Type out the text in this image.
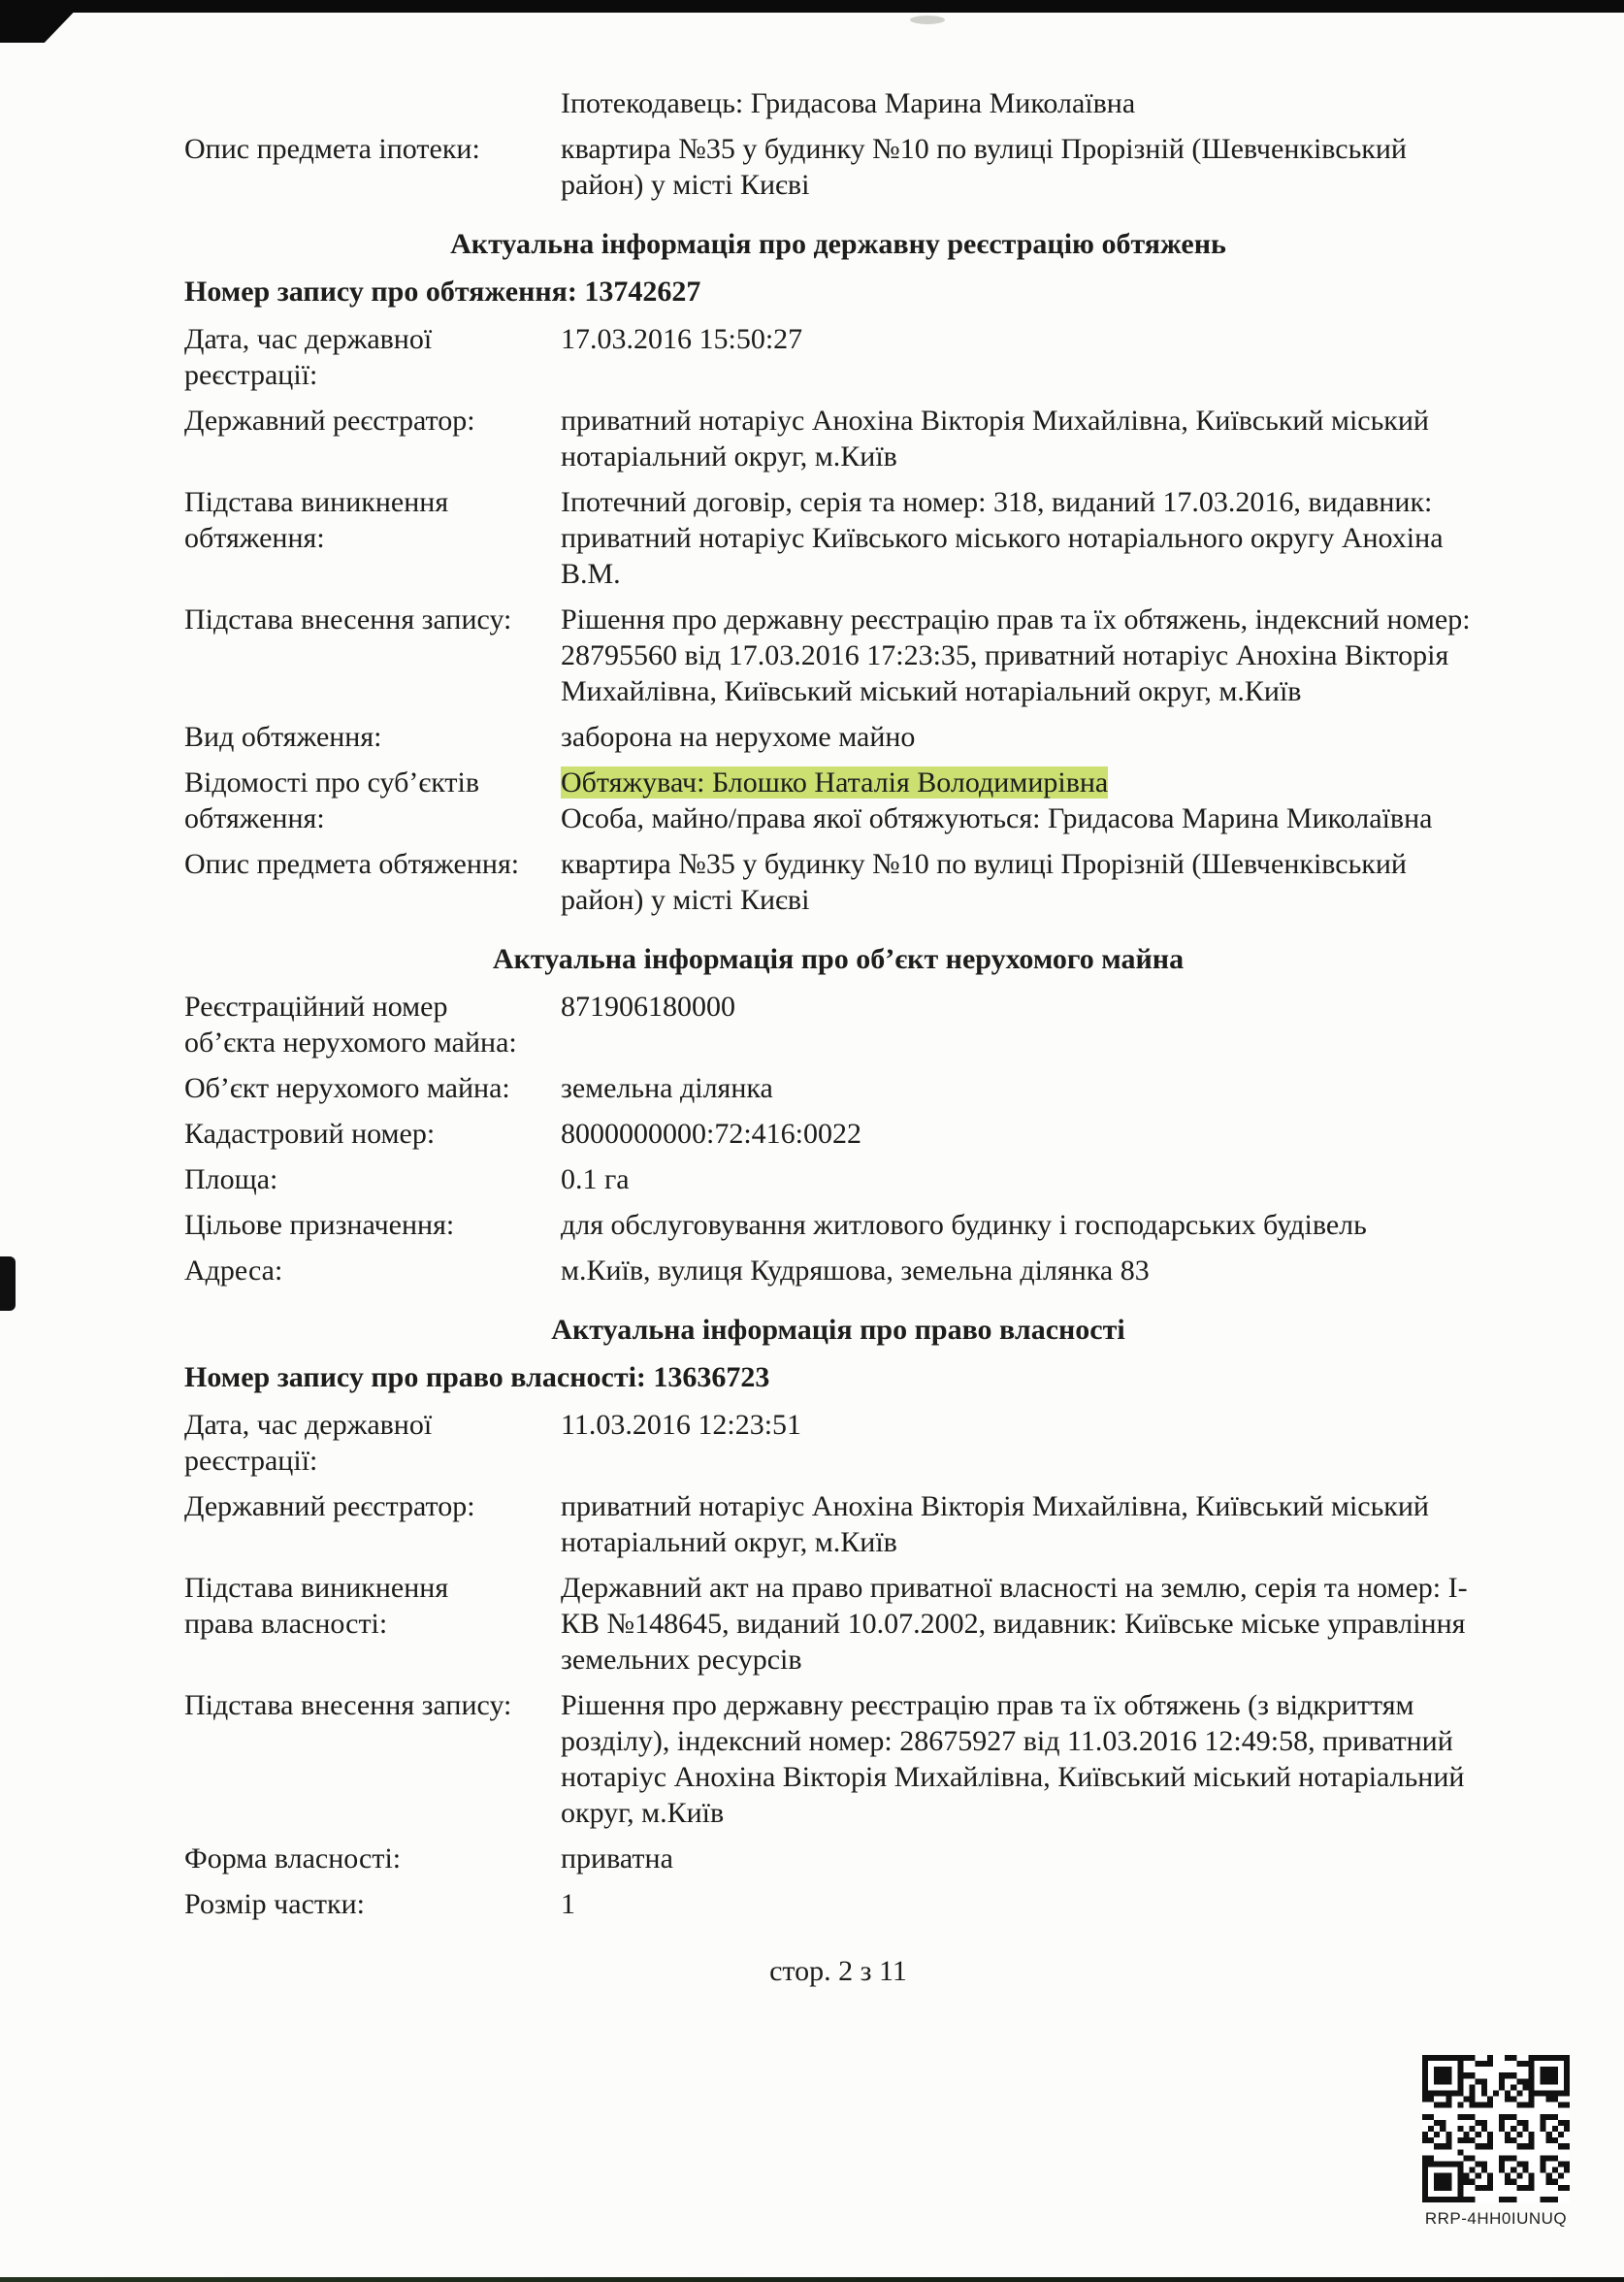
Іпотекодавець: Гридасова Марина Миколаївна
Опис предмета іпотеки:	квартира №35 у будинку №10 по вулиці Прорізній (Шевченківський район) у місті Києві
Актуальна інформація про державну реєстрацію обтяжень
Номер запису про обтяження: 13742627
Дата, час державної реєстрації:
17.03.2016 15:50:27
Державний реєстратор:	приватний нотаріус Анохіна Вікторія Михайлівна, Київський міський нотаріальний округ, м.Київ
Підстава виникнення обтяження:
Іпотечний договір, серія та номер: 318, виданий 17.03.2016, видавник: приватний нотаріус Київського міського нотаріального округу Анохіна В.М.
Підстава внесення запису:	Рішення про державну реєстрацію прав та їх обтяжень, індексний номер: 28795560 від 17.03.2016 17:23:35, приватний нотаріус Анохіна Вікторія Михайлівна, Київський міський нотаріальний округ, м.Київ
Вид обтяження:	заборона на нерухоме майно
Відомості про суб’єктів обтяження:
Обтяжувач: Блошко Наталія Володимирівна
Особа, майно/права якої обтяжуються: Гридасова Марина Миколаївна
Опис предмета обтяження: квартира №35 у будинку №10 по вулиці Прорізній (Шевченківський район) у місті Києві
Актуальна інформація про об’єкт нерухомого майна
Реєстраційний номер об’єкта нерухомого майна:
871906180000
Об’єкт нерухомого майна:	земельна ділянка
Кадастровий номер:	8000000000:72:416:0022
Площа:	0.1 га
Цільове призначення:	для обслуговування житлового будинку і господарських будівель
Адреса:	м.Київ, вулиця Кудряшова, земельна ділянка 83
Актуальна інформація про право власності
Номер запису про право власності: 13636723
Дата, час державної реєстрації:
11.03.2016 12:23:51
Державний реєстратор:	приватний нотаріус Анохіна Вікторія Михайлівна, Київський міський нотаріальний округ, м.Київ
Підстава виникнення права власності:
Державний акт на право приватної власності на землю, серія та номер: І-КВ №148645, виданий 10.07.2002, видавник: Київське міське управління земельних ресурсів
Підстава внесення запису:	Рішення про державну реєстрацію прав та їх обтяжень (з відкриттям розділу), індексний номер: 28675927 від 11.03.2016 12:49:58, приватний нотаріус Анохіна Вікторія Михайлівна, Київський міський нотаріальний округ, м.Київ
Форма власності:	приватна
Розмір частки:	1
стор. 2 з 11
RRP-4HH0IUNUQ
